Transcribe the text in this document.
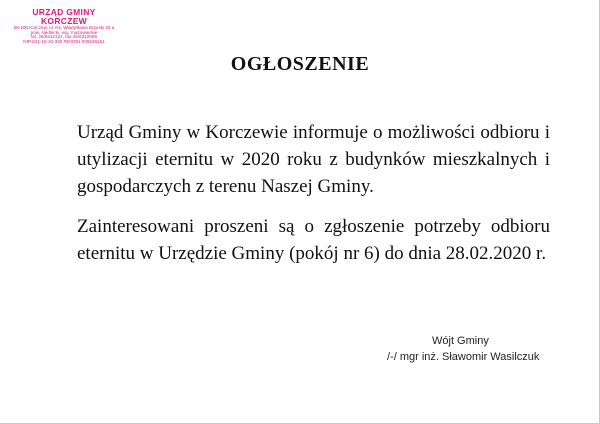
URZĄD GMINY
KORCZEW
08-108 Korczew, ul. Ks. Władysława Brzuski 20 a
pow. siedlecki, woj. mazowieckie
tel. 25/6312122, fax 25/6312089
NIP 821-10-10-330 REGON 000536261
OGŁOSZENIE
Urząd Gminy w Korczewie informuje o możliwości odbioru i utylizacji eternitu w 2020 roku z budynków mieszkalnych i gospodarczych z terenu Naszej Gminy.
Zainteresowani proszeni są o zgłoszenie potrzeby odbioru eternitu w Urzędzie Gminy (pokój nr 6) do dnia 28.02.2020 r.
Wójt Gminy
/-/ mgr inż. Sławomir Wasilczuk
